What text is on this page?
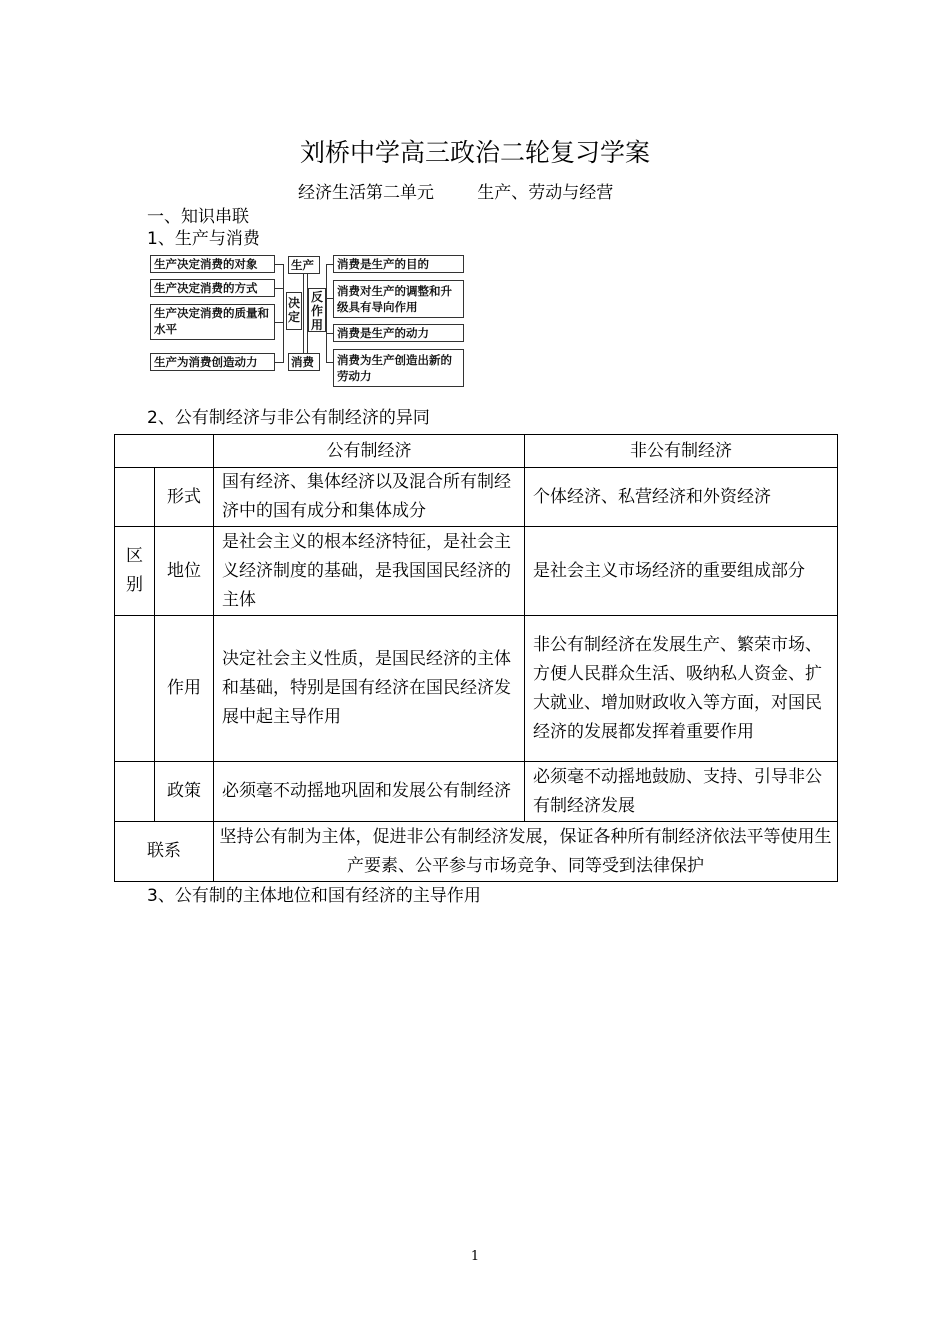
刘桥中学高三政治二轮复习学案
经济生活第二单元        生产、劳动与经营
一、知识串联
1、生产与消费
生产决定消费的对象
生产决定消费的方式
生产决定消费的质量和水平
生产为消费创造动力
决定
生产
消费
反作用
消费是生产的目的
消费对生产的调整和升级具有导向作用
消费是生产的动力
消费为生产创造出新的劳动力
2、公有制经济与非公有制经济的异同
		公有制经济	非公有制经济
	形式	国有经济、集体经济以及混合所有制经济中的国有成分和集体成分	个体经济、私营经济和外资经济
区别	地位	是社会主义的根本经济特征，是社会主义经济制度的基础，是我国国民经济的主体	是社会主义市场经济的重要组成部分
	作用	决定社会主义性质，是国民经济的主体和基础，特别是国有经济在国民经济发展中起主导作用	非公有制经济在发展生产、繁荣市场、方便人民群众生活、吸纳私人资金、扩大就业、增加财政收入等方面，对国民经济的发展都发挥着重要作用
	政策	必须毫不动摇地巩固和发展公有制经济	必须毫不动摇地鼓励、支持、引导非公有制经济发展
联系		坚持公有制为主体，促进非公有制经济发展，保证各种所有制经济依法平等使用生产要素、公平参与市场竞争、同等受到法律保护	
3、公有制的主体地位和国有经济的主导作用
1
